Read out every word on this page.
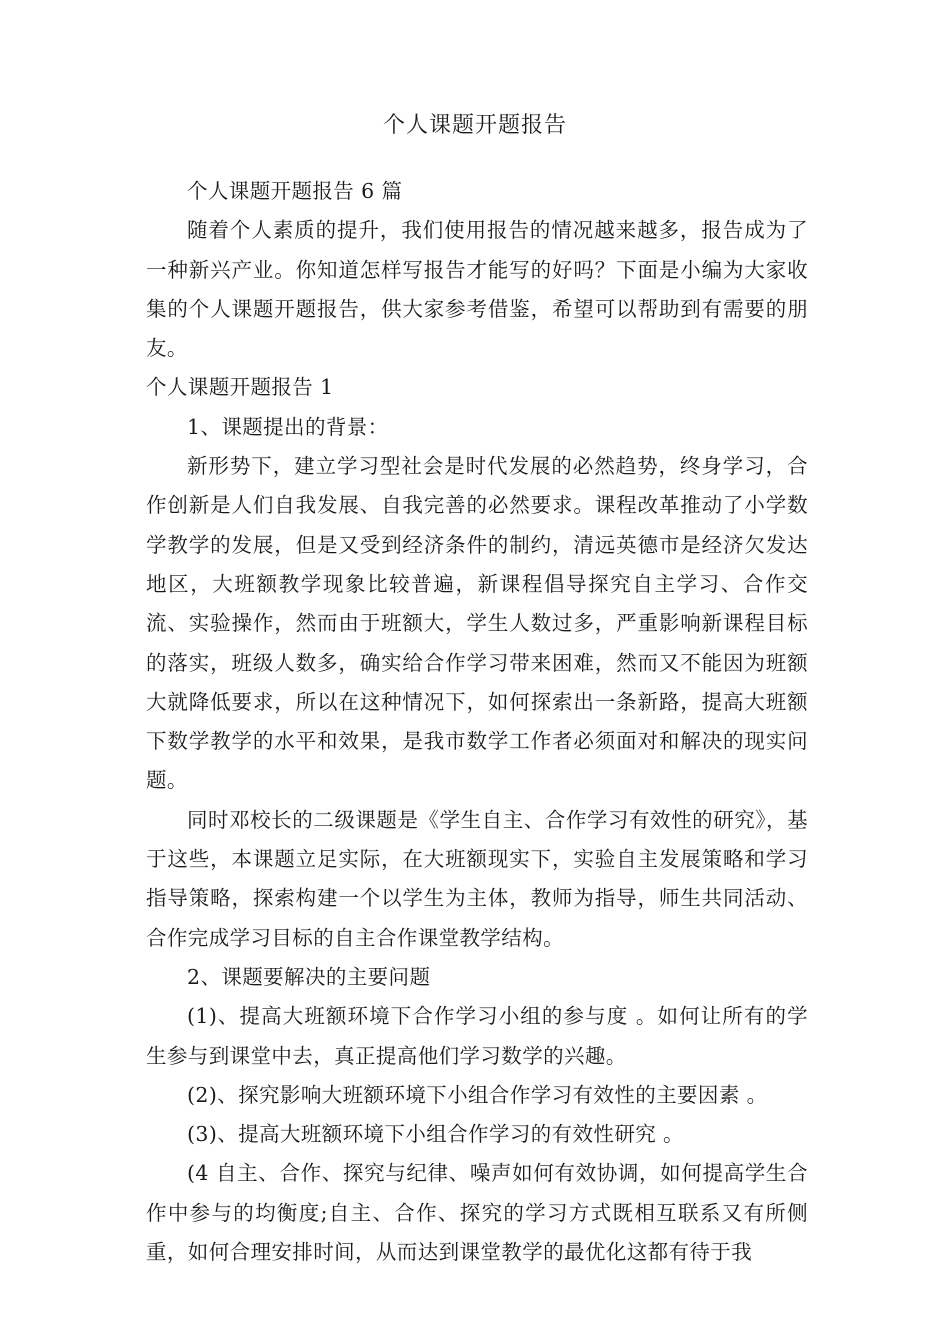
个人课题开题报告

个人课题开题报告 6 篇

随着个人素质的提升，我们使用报告的情况越来越多，报告成为了一种新兴产业。你知道怎样写报告才能写的好吗？下面是小编为大家收集的个人课题开题报告，供大家参考借鉴，希望可以帮助到有需要的朋友。

个人课题开题报告 1

1、课题提出的背景：

新形势下，建立学习型社会是时代发展的必然趋势，终身学习，合作创新是人们自我发展、自我完善的必然要求。课程改革推动了小学数学教学的发展，但是又受到经济条件的制约，清远英德市是经济欠发达地区，大班额教学现象比较普遍，新课程倡导探究自主学习、合作交流、实验操作，然而由于班额大，学生人数过多，严重影响新课程目标的落实，班级人数多，确实给合作学习带来困难，然而又不能因为班额大就降低要求，所以在这种情况下，如何探索出一条新路，提高大班额下数学教学的水平和效果，是我市数学工作者必须面对和解决的现实问题。

同时邓校长的二级课题是《学生自主、合作学习有效性的研究》，基于这些，本课题立足实际，在大班额现实下，实验自主发展策略和学习指导策略，探索构建一个以学生为主体，教师为指导，师生共同活动、合作完成学习目标的自主合作课堂教学结构。

2、课题要解决的主要问题

(1)、提高大班额环境下合作学习小组的参与度 。如何让所有的学生参与到课堂中去，真正提高他们学习数学的兴趣。

(2)、探究影响大班额环境下小组合作学习有效性的主要因素 。

(3)、提高大班额环境下小组合作学习的有效性研究 。

(4 自主、合作、探究与纪律、噪声如何有效协调，如何提高学生合作中参与的均衡度;自主、合作、探究的学习方式既相互联系又有所侧重，如何合理安排时间，从而达到课堂教学的最优化这都有待于我
